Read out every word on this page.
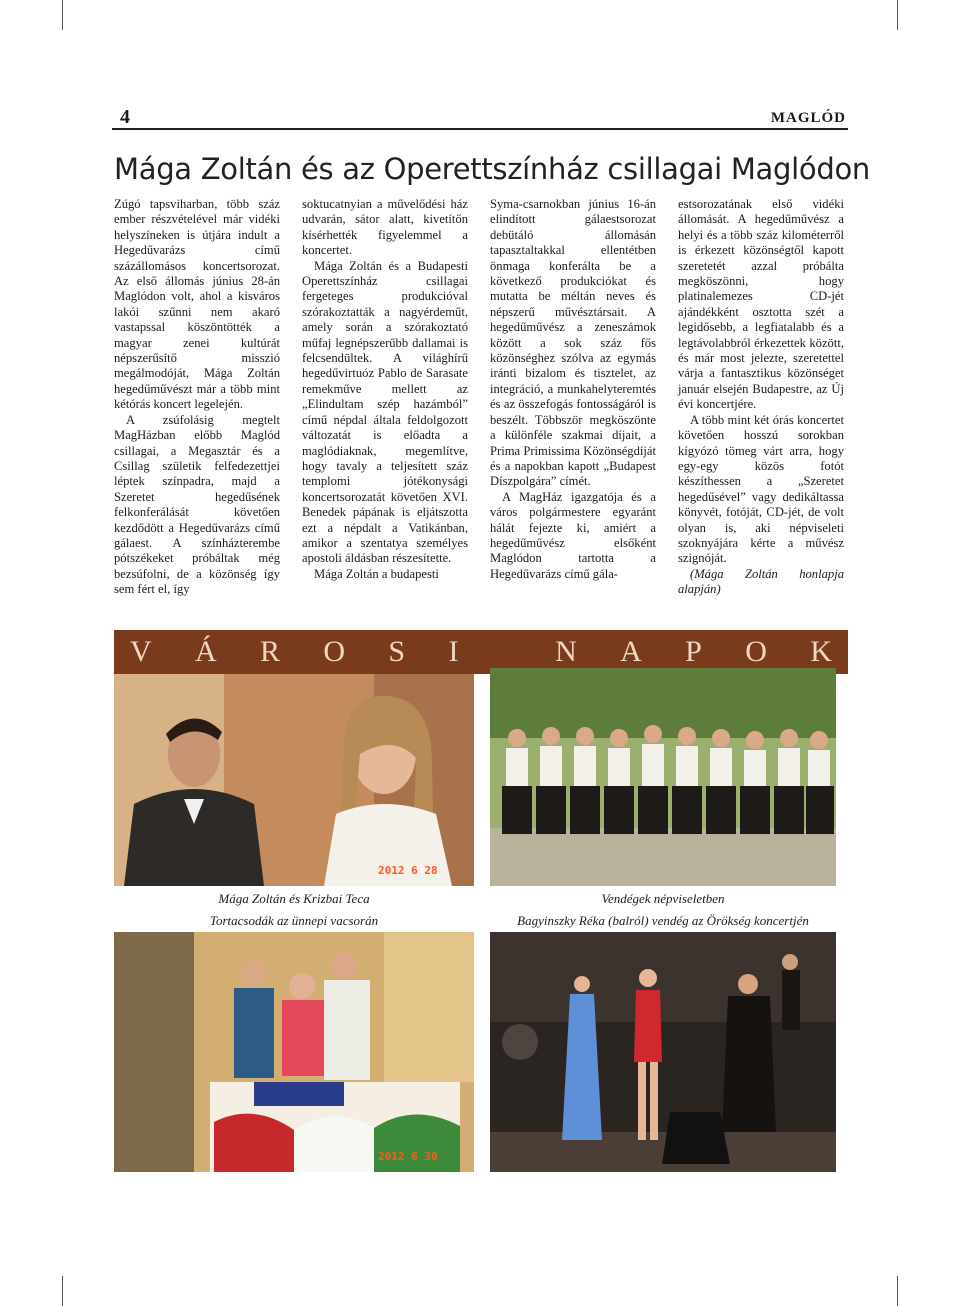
4	MAGLÓD
Mága Zoltán és az Operettszínház csillagai Maglódon

Zúgó tapsviharban, több száz ember részvételével már vidéki helyszíneken is útjára indult a Hegedűvarázs című százállomásos koncertsorozat. Az első állomás június 28-án Maglódon volt, ahol a kisváros lakói szűnni nem akaró vastapssal köszöntötték a magyar zenei kultúrát népszerűsítő misszió megálmodóját, Mága Zoltán hegedűművészt már a több mint kétórás koncert legelején.

A zsúfolásig megtelt MagHázban előbb Maglód csillagai, a Megasztár és a Csillag születik felfedezettjei léptek színpadra, majd a Szeretet hegedűsének felkonferálását követően kezdődött a Hegedűvarázs című gálaest. A színházterembe pótszékeket próbáltak még bezsúfolni, de a közönség így sem fért el, így

soktucatnyian a művelődési ház udvarán, sátor alatt, kivetítőn kísérhették figyelemmel a koncertet.

Mága Zoltán és a Budapesti Operettszínház csillagai fergeteges produkcióval szórakoztatták a nagyérdeműt, amely során a szórakoztató műfaj legnépszerűbb dallamai is felcsendültek. A világhírű hegedűvirtuóz Pablo de Sarasate remekműve mellett az „Elindultam szép hazámból” című népdal általa feldolgozott változatát is előadta a maglódiaknak, megemlítve, hogy tavaly a teljesített száz templomi jótékonysági koncertsorozatát követően XVI. Benedek pápának is eljátszotta ezt a népdalt a Vatikánban, amikor a szentatya személyes apostoli áldásban részesítette.

Mága Zoltán a budapesti

Syma-csarnokban június 16-án elindított gálaestsorozat debütáló állomásán tapasztaltakkal ellentétben önmaga konferálta be a következő produkciókat és mutatta be méltán neves és népszerű művésztársait. A hegedűművész a zeneszámok között a sok száz fős közönséghez szólva az egymás iránti bizalom és tisztelet, az integráció, a munkahelyteremtés és az összefogás fontosságáról is beszélt. Többször megköszönte a különféle szakmai díjait, a Prima Primissima Közönségdíját és a napokban kapott „Budapest Díszpolgára” címét.

A MagHáz igazgatója és a város polgármestere egyaránt hálát fejezte ki, amiért a hegedűművész elsőként Maglódon tartotta a Hegedűvarázs című gála-

estsorozatának első vidéki állomását. A hegedűművész a helyi és a több száz kilométerről is érkezett közönségtől kapott szeretetét azzal próbálta megköszönni, hogy platinalemezes CD-jét ajándékként osztotta szét a legidősebb, a legfiatalabb és a legtávolabbról érkezettek között, és már most jelezte, szeretettel várja a fantasztikus közönséget január elsején Budapestre, az Új évi koncertjére.

A több mint két órás koncertet követően hosszú sorokban kígyózó tömeg várt arra, hogy egy-egy közös fotót készíthessen a „Szeretet hegedűsével” vagy dedikáltassa könyvét, fotóját, CD-jét, de volt olyan is, aki népviseleti szoknyájára kérte a művész szignóját.

(Mága Zoltán honlapja alapján)

V Á R O S I	N A P O K
2012 6 28
Mága Zoltán és Krizbai Teca	Vendégek népviseletben
Tortacsodák az ünnepi vacsorán
2012 6 30
Bagyinszky Réka (balról) vendég az Örökség koncertjén
